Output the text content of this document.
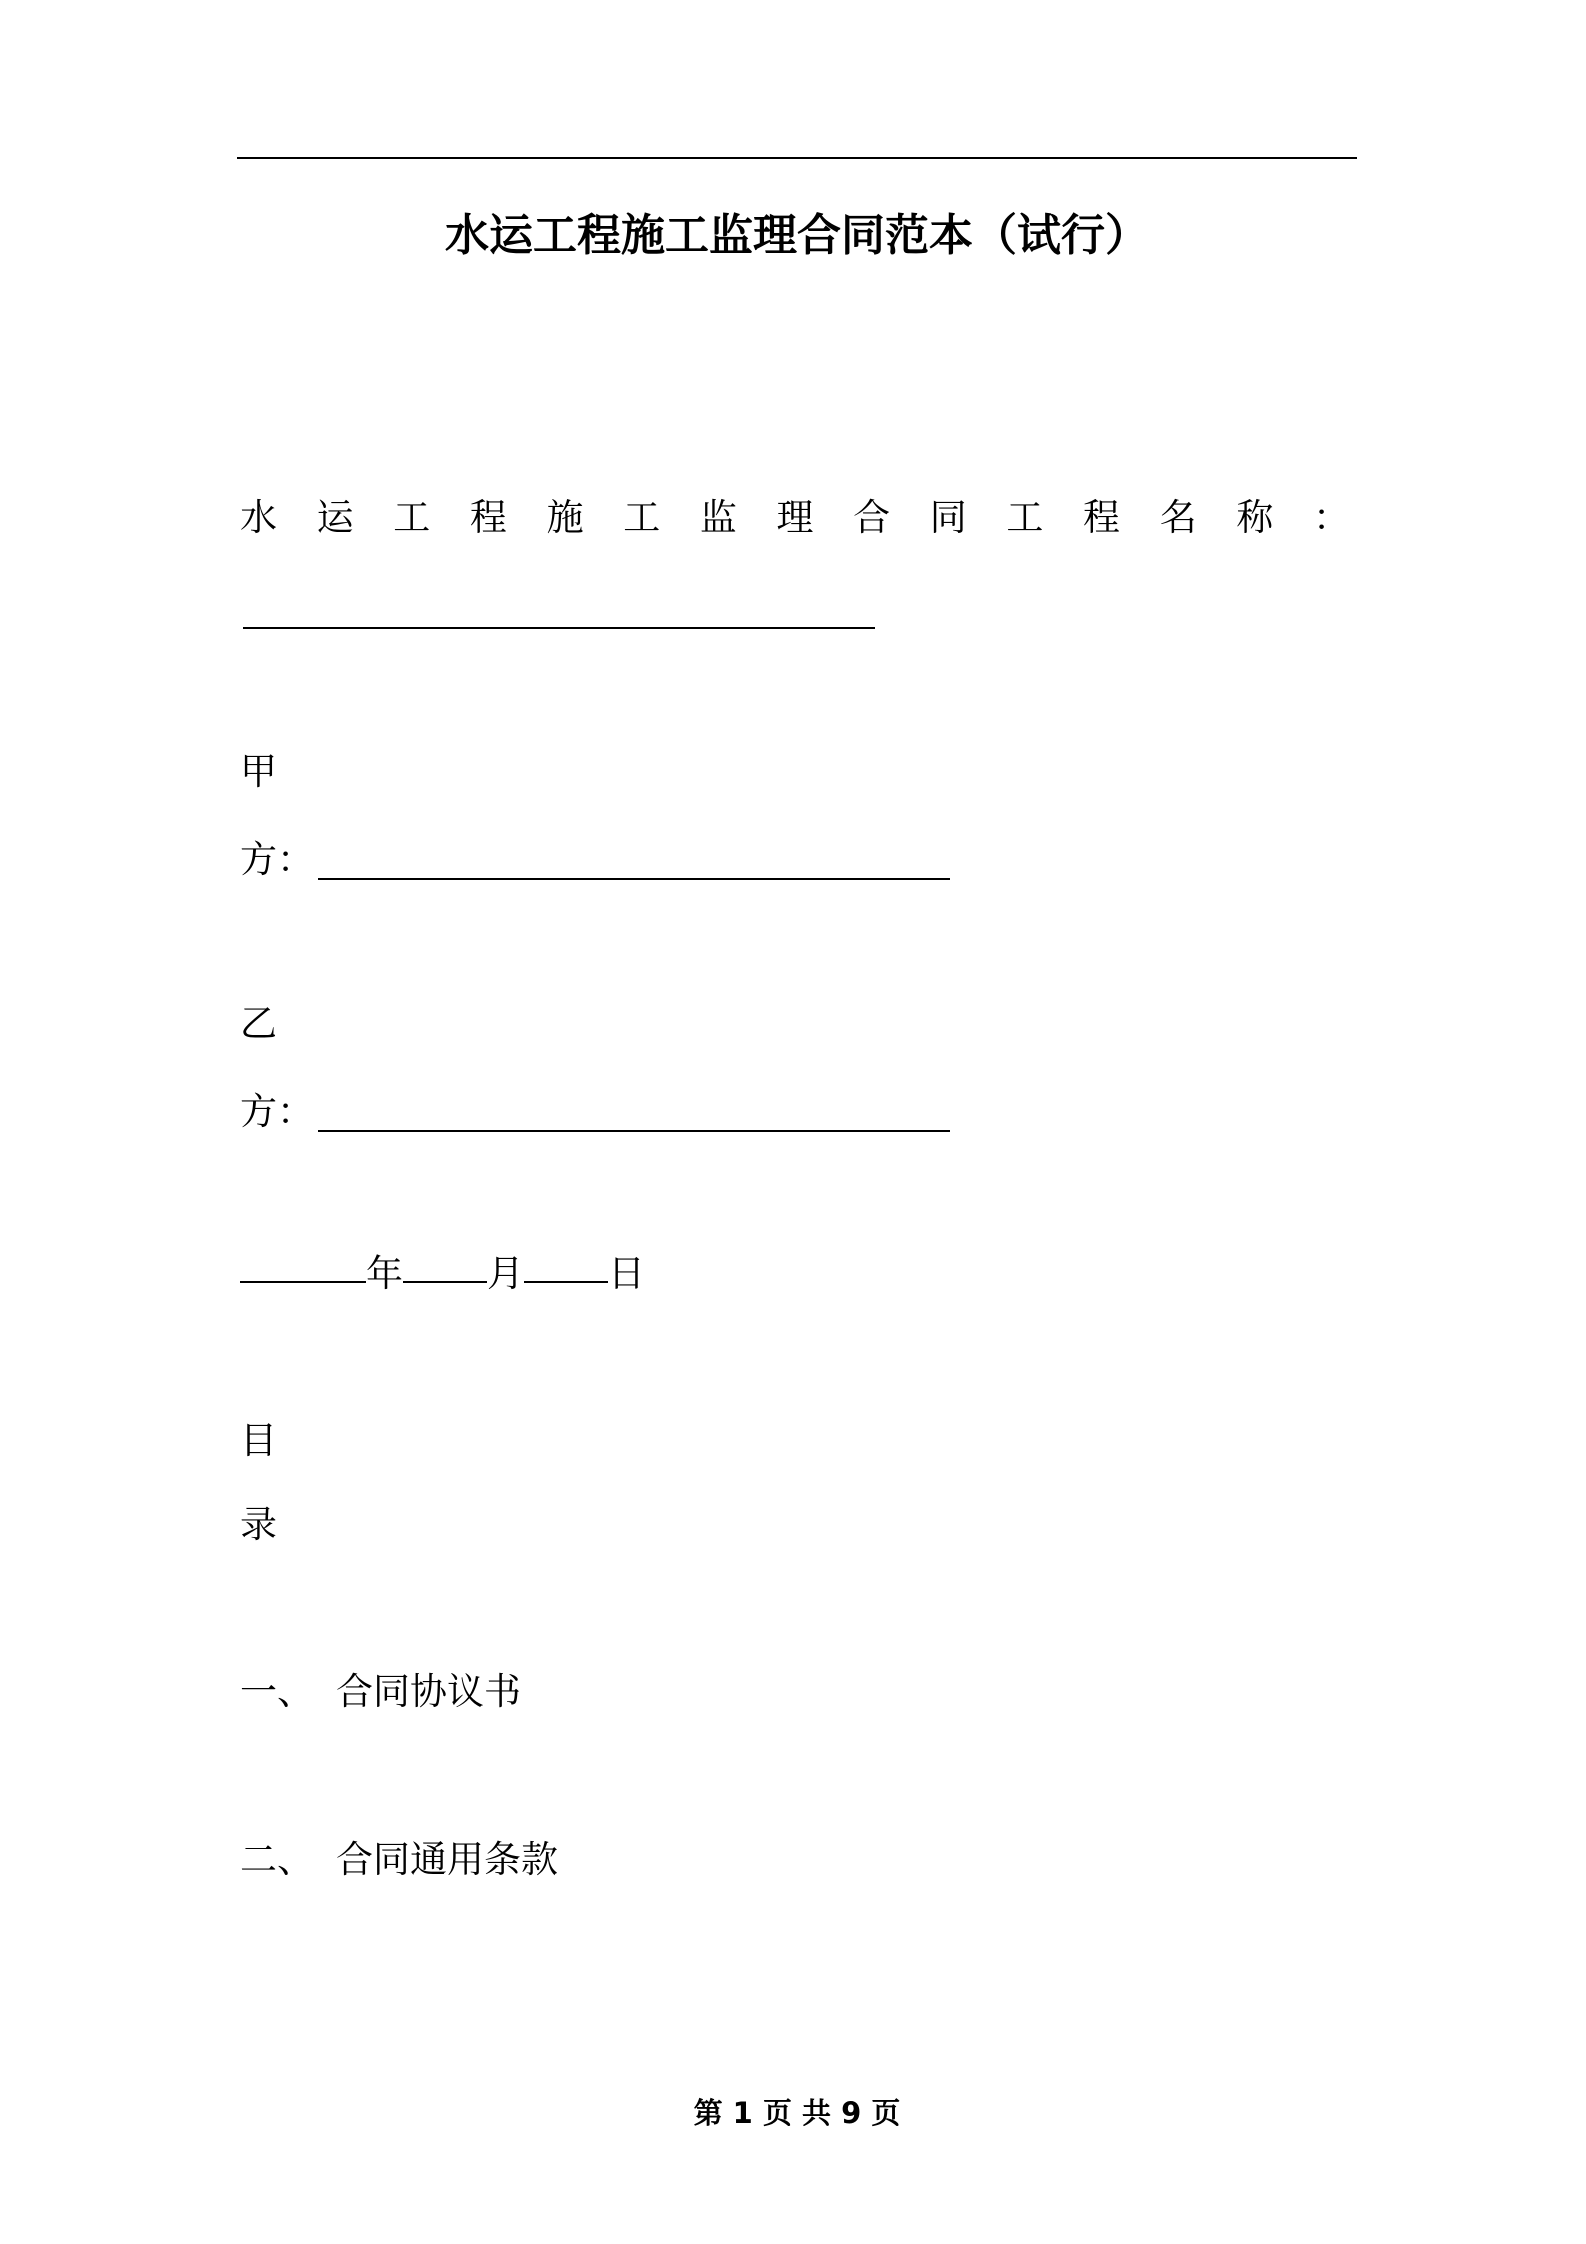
水运工程施工监理合同范本（试行）
水 运 工 程 施 工 监 理 合 同 工 程 名 称 ：
甲
方：
乙
方：
年 月 日
目
录
一、 合同协议书
二、 合同通用条款
第 1 页 共 9 页
